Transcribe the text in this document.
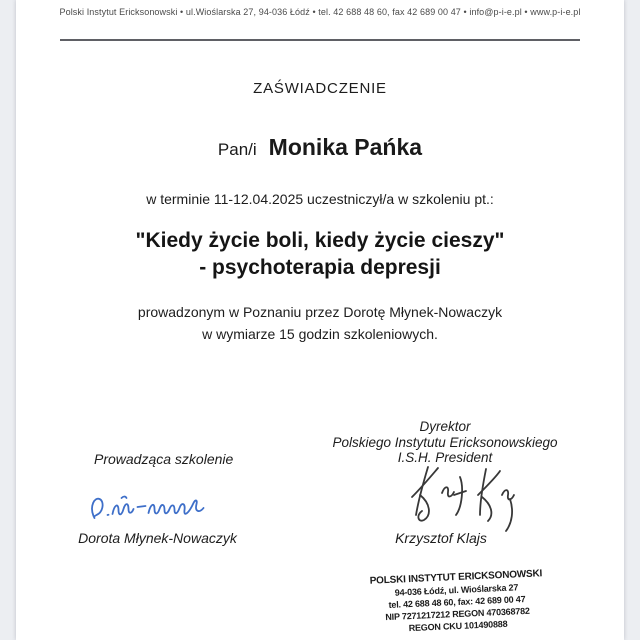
Polski Instytut Ericksonowski • ul.Wioślarska 27, 94-036 Łódź • tel. 42 688 48 60, fax 42 689 00 47 • info@p-i-e.pl • www.p-i-e.pl
ZAŚWIADCZENIE
Pan/i Monika Pańka
w terminie 11-12.04.2025 uczestniczył/a w szkoleniu pt.:
"Kiedy życie boli, kiedy życie cieszy"
- psychoterapia depresji
prowadzonym w Poznaniu przez Dorotę Młynek-Nowaczyk
w wymiarze 15 godzin szkoleniowych.
Dyrektor
Polskiego Instytutu Ericksonowskiego
I.S.H. President
Prowadząca szkolenie
Dorota Młynek-Nowaczyk	Krzysztof Klajs
POLSKI INSTYTUT ERICKSONOWSKI
94-036 Łódź, ul. Wioślarska 27
tel. 42 688 48 60, fax: 42 689 00 47
NIP 7271217212 REGON 470368782
REGON CKU 101490888
